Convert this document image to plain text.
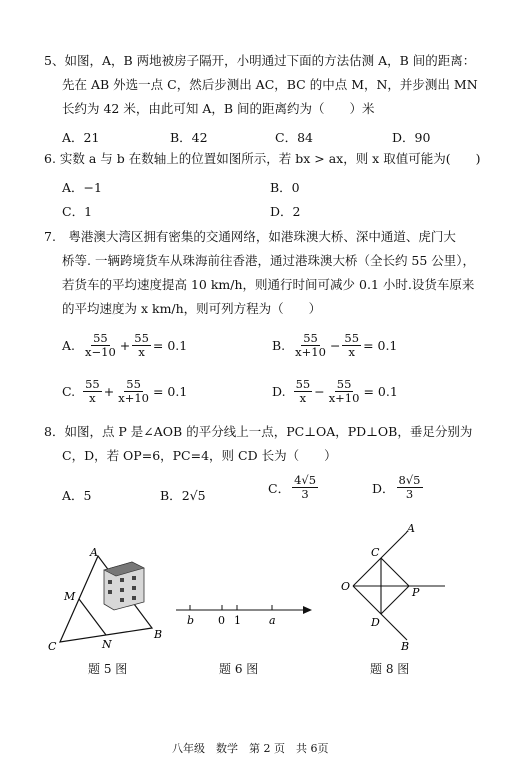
5、如图，A，B 两地被房子隔开，小明通过下面的方法估测 A，B 间的距离：
先在 AB 外选一点 C，然后步测出 AC，BC 的中点 M，N，并步测出 MN
长约为 42 米，由此可知 A，B 间的距离约为（　　）米
A．21	B．42	C．84	D．90
6. 实数 a 与 b 在数轴上的位置如图所示，若 bx > ax，则 x 取值可能为(　　)
A．−1	B．0
C．1	D．2
7.　粤港澳大湾区拥有密集的交通网络，如港珠澳大桥、深中通道、虎门大
桥等. 一辆跨境货车从珠海前往香港，通过港珠澳大桥（全长约 55 公里），
若货车的平均速度提高 10 km/h，则通行时间可减少 0.1 小时.设货车原来
的平均速度为 x km/h，则可列方程为（　　）
A. $\frac{55}{x-10} + \frac{55}{x} = 0.1$	B. $\frac{55}{x+10} - \frac{55}{x} = 0.1$
C. $\frac{55}{x} + \frac{55}{x+10} = 0.1$	D. $\frac{55}{x} - \frac{55}{x+10} = 0.1$
8．如图，点 P 是∠AOB 的平分线上一点，PC⊥OA，PD⊥OB，垂足分别为
C，D，若 OP=6，PC=4，则 CD 长为（　　）
A．5	B．2√5	C． $\frac{4√5}{3}$	D． $\frac{8√5}{3}$
A
M
C	N
B
题 5 图
b 0 1	a
题 6 图
A
C
O	P
D
B
题 8 图
八年级　数学　第 2 页　共 6页
